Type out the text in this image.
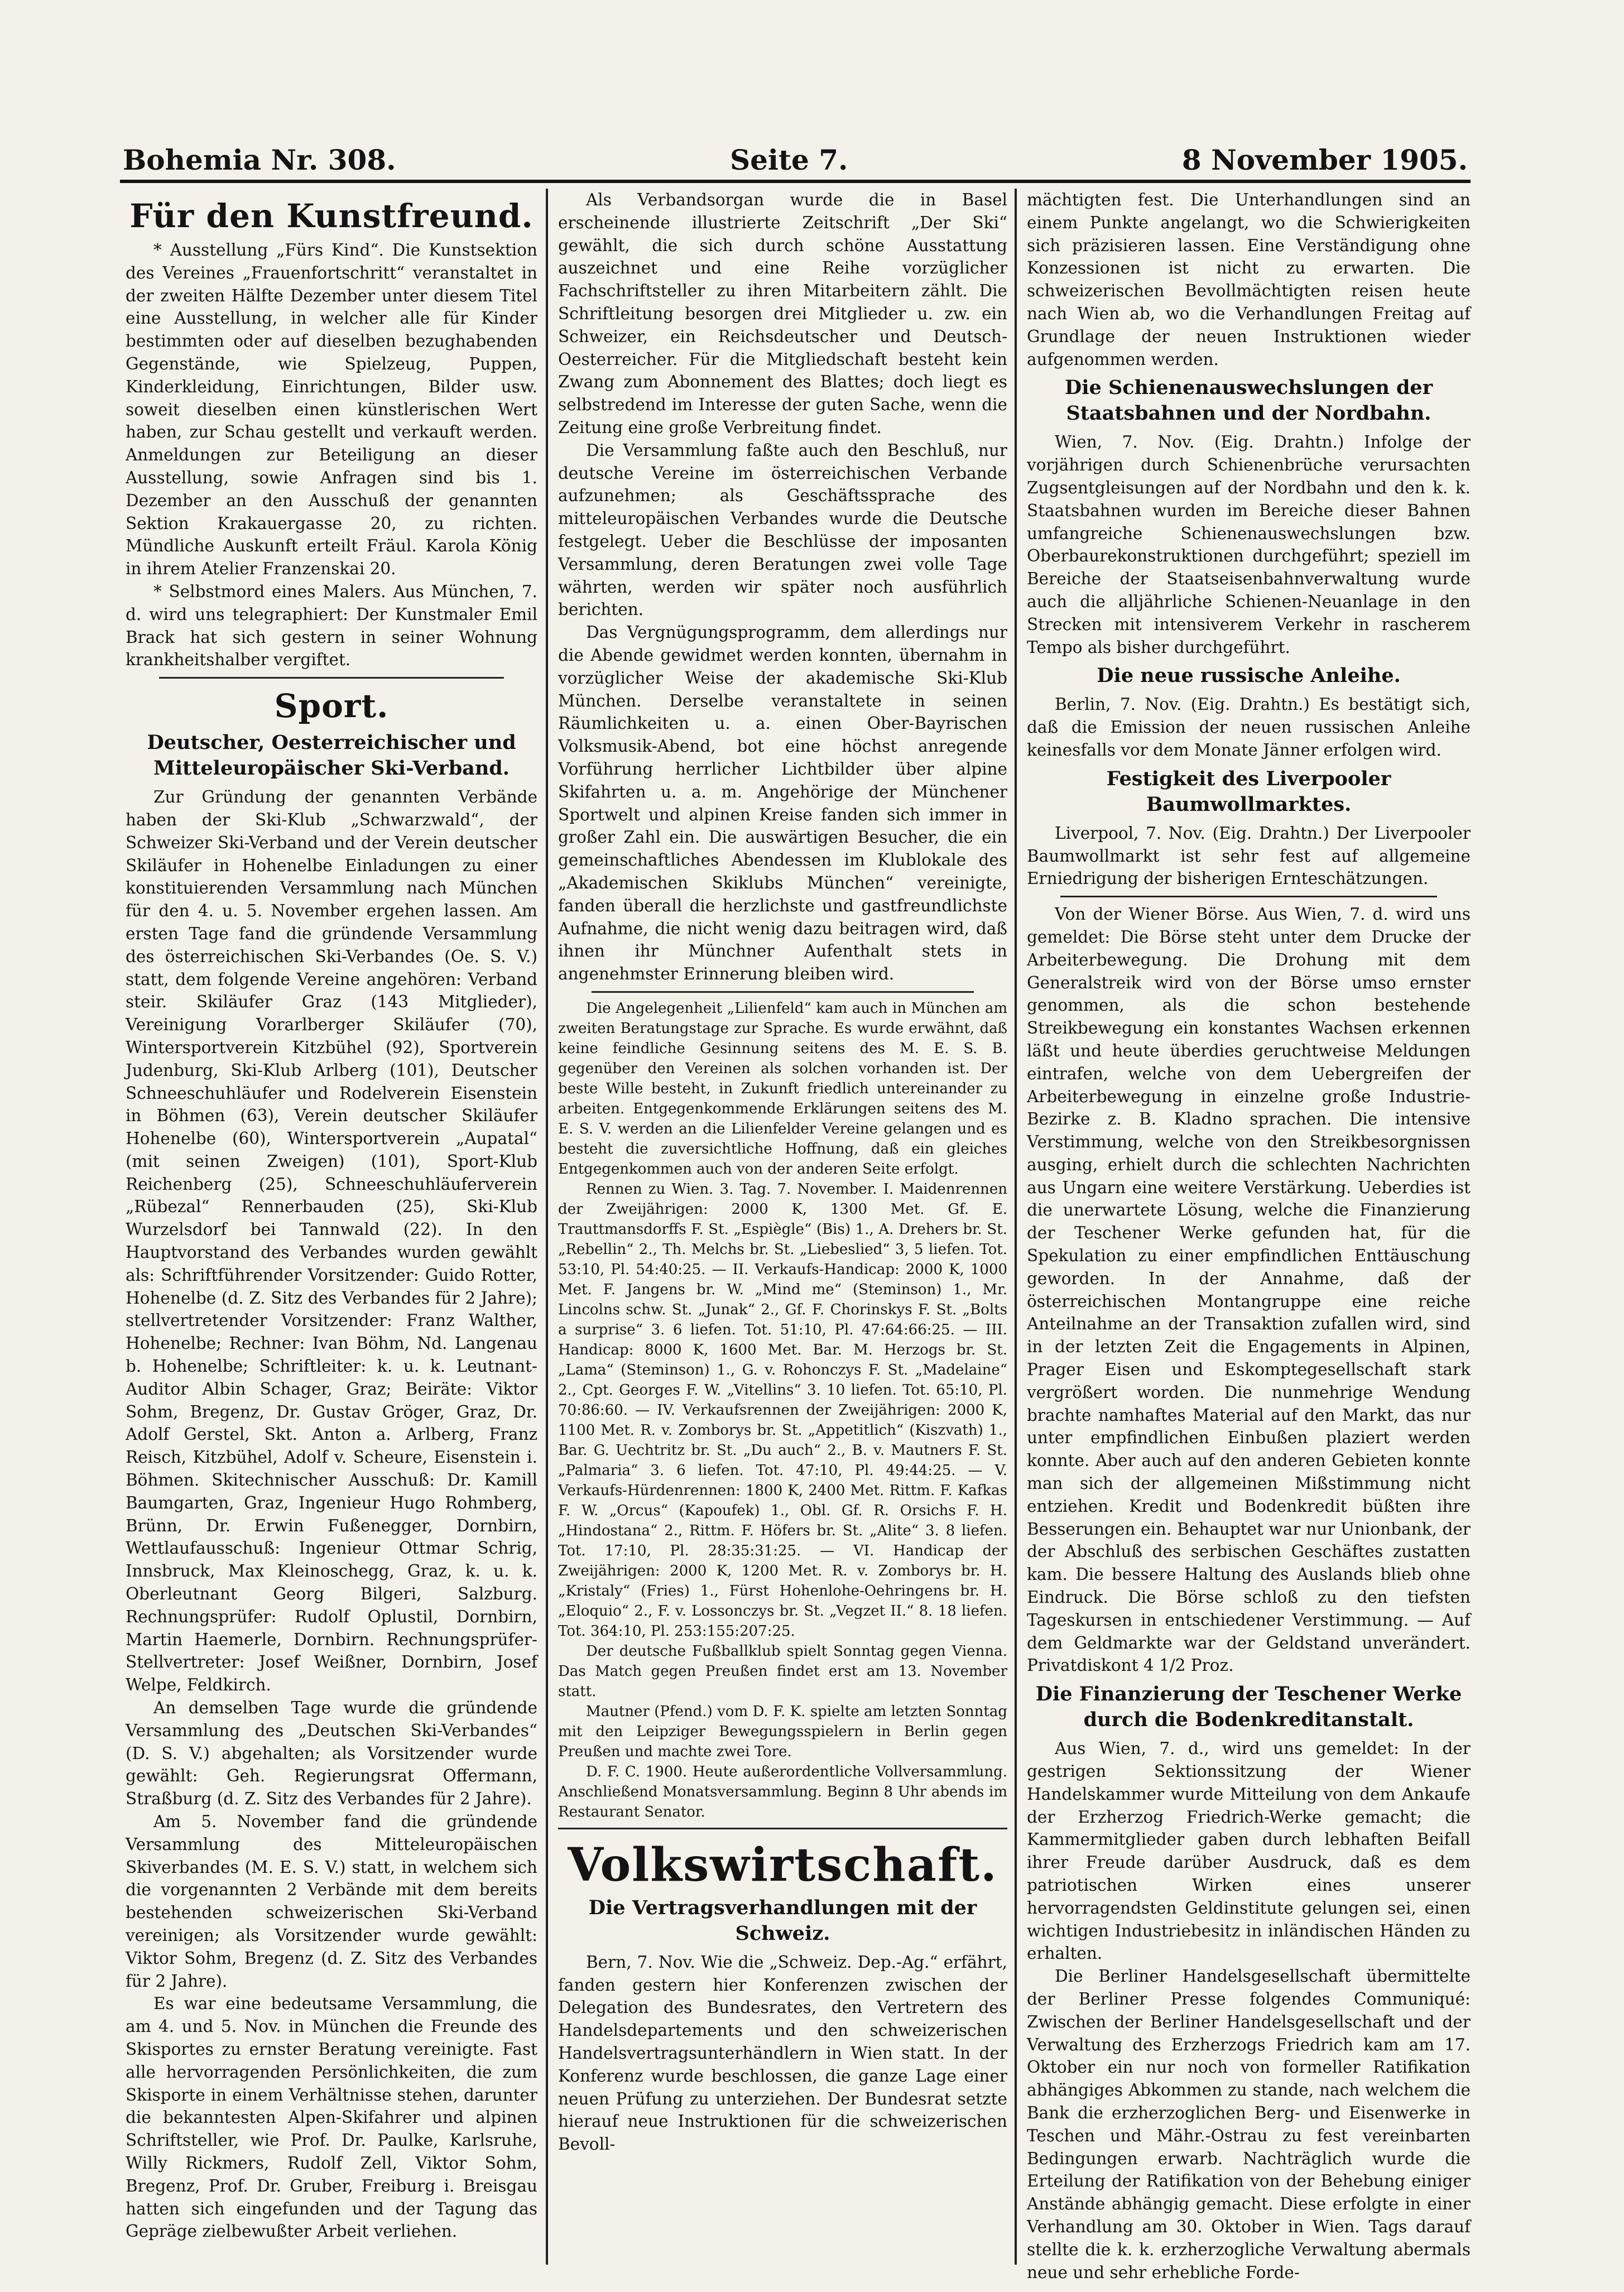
Bohemia Nr. 308.	Seite 7.	8 November 1905.
Für den Kunstfreund.

* Ausstellung „Fürs Kind“. Die Kunstsektion des Vereines „Frauenfortschritt“ veranstaltet in der zweiten Hälfte Dezember unter diesem Titel eine Ausstellung, in welcher alle für Kinder bestimmten oder auf dieselben bezughabenden Gegenstände, wie Spielzeug, Puppen, Kinderkleidung, Einrichtungen, Bilder usw. soweit dieselben einen künstlerischen Wert haben, zur Schau gestellt und verkauft werden. Anmeldungen zur Beteiligung an dieser Ausstellung, sowie Anfragen sind bis 1. Dezember an den Ausschuß der genannten Sektion Krakauergasse 20, zu richten. Mündliche Auskunft erteilt Fräul. Karola König in ihrem Atelier Franzenskai 20.

* Selbstmord eines Malers. Aus München, 7. d. wird uns telegraphiert: Der Kunstmaler Emil Brack hat sich gestern in seiner Wohnung krankheitshalber vergiftet.

Sport.
Deutscher, Oesterreichischer und Mitteleuropäischer Ski-Verband.

Zur Gründung der genannten Verbände haben der Ski-Klub „Schwarzwald“, der Schweizer Ski-Verband und der Verein deutscher Skiläufer in Hohenelbe Einladungen zu einer konstituierenden Versammlung nach München für den 4. u. 5. November ergehen lassen. Am ersten Tage fand die gründende Versammlung des österreichischen Ski-Verbandes (Oe. S. V.) statt, dem folgende Vereine angehören: Verband steir. Skiläufer Graz (143 Mitglieder), Vereinigung Vorarlberger Skiläufer (70), Wintersportverein Kitzbühel (92), Sportverein Judenburg, Ski-Klub Arlberg (101), Deutscher Schneeschuhläufer und Rodelverein Eisenstein in Böhmen (63), Verein deutscher Skiläufer Hohenelbe (60), Wintersportverein „Aupatal“ (mit seinen Zweigen) (101), Sport-Klub Reichenberg (25), Schneeschuhläuferverein „Rübezal“ Rennerbauden (25), Ski-Klub Wurzelsdorf bei Tannwald (22). In den Hauptvorstand des Verbandes wurden gewählt als: Schriftführender Vorsitzender: Guido Rotter, Hohenelbe (d. Z. Sitz des Verbandes für 2 Jahre); stellvertretender Vorsitzender: Franz Walther, Hohenelbe; Rechner: Ivan Böhm, Nd. Langenau b. Hohenelbe; Schriftleiter: k. u. k. Leutnant-Auditor Albin Schager, Graz; Beiräte: Viktor Sohm, Bregenz, Dr. Gustav Gröger, Graz, Dr. Adolf Gerstel, Skt. Anton a. Arlberg, Franz Reisch, Kitzbühel, Adolf v. Scheure, Eisenstein i. Böhmen. Skitechnischer Ausschuß: Dr. Kamill Baumgarten, Graz, Ingenieur Hugo Rohmberg, Brünn, Dr. Erwin Fußenegger, Dornbirn, Wettlaufausschuß: Ingenieur Ottmar Schrig, Innsbruck, Max Kleinoschegg, Graz, k. u. k. Oberleutnant Georg Bilgeri, Salzburg. Rechnungsprüfer: Rudolf Oplustil, Dornbirn, Martin Haemerle, Dornbirn. Rechnungsprüfer-Stellvertreter: Josef Weißner, Dornbirn, Josef Welpe, Feldkirch.

An demselben Tage wurde die gründende Versammlung des „Deutschen Ski-Verbandes“ (D. S. V.) abgehalten; als Vorsitzender wurde gewählt: Geh. Regierungsrat Offermann, Straßburg (d. Z. Sitz des Verbandes für 2 Jahre).

Am 5. November fand die gründende Versammlung des Mitteleuropäischen Skiverbandes (M. E. S. V.) statt, in welchem sich die vorgenannten 2 Verbände mit dem bereits bestehenden schweizerischen Ski-Verband vereinigen; als Vorsitzender wurde gewählt: Viktor Sohm, Bregenz (d. Z. Sitz des Verbandes für 2 Jahre).

Es war eine bedeutsame Versammlung, die am 4. und 5. Nov. in München die Freunde des Skisportes zu ernster Beratung vereinigte. Fast alle hervorragenden Persönlichkeiten, die zum Skisporte in einem Verhältnisse stehen, darunter die bekanntesten Alpen-Skifahrer und alpinen Schriftsteller, wie Prof. Dr. Paulke, Karlsruhe, Willy Rickmers, Rudolf Zell, Viktor Sohm, Bregenz, Prof. Dr. Gruber, Freiburg i. Breisgau hatten sich eingefunden und der Tagung das Gepräge zielbewußter Arbeit verliehen.

Als Verbandsorgan wurde die in Basel erscheinende illustrierte Zeitschrift „Der Ski“ gewählt, die sich durch schöne Ausstattung auszeichnet und eine Reihe vorzüglicher Fachschriftsteller zu ihren Mitarbeitern zählt. Die Schriftleitung besorgen drei Mitglieder u. zw. ein Schweizer, ein Reichsdeutscher und Deutsch-Oesterreicher. Für die Mitgliedschaft besteht kein Zwang zum Abonnement des Blattes; doch liegt es selbstredend im Interesse der guten Sache, wenn die Zeitung eine große Verbreitung findet.

Die Versammlung faßte auch den Beschluß, nur deutsche Vereine im österreichischen Verbande aufzunehmen; als Geschäftssprache des mitteleuropäischen Verbandes wurde die Deutsche festgelegt. Ueber die Beschlüsse der imposanten Versammlung, deren Beratungen zwei volle Tage währten, werden wir später noch ausführlich berichten.

Das Vergnügungsprogramm, dem allerdings nur die Abende gewidmet werden konnten, übernahm in vorzüglicher Weise der akademische Ski-Klub München. Derselbe veranstaltete in seinen Räumlichkeiten u. a. einen Ober-Bayrischen Volksmusik-Abend, bot eine höchst anregende Vorführung herrlicher Lichtbilder über alpine Skifahrten u. a. m. Angehörige der Münchener Sportwelt und alpinen Kreise fanden sich immer in großer Zahl ein. Die auswärtigen Besucher, die ein gemeinschaftliches Abendessen im Klublokale des „Akademischen Skiklubs München“ vereinigte, fanden überall die herzlichste und gastfreundlichste Aufnahme, die nicht wenig dazu beitragen wird, daß ihnen ihr Münchner Aufenthalt stets in angenehmster Erinnerung bleiben wird.

Die Angelegenheit „Lilienfeld“ kam auch in München am zweiten Beratungstage zur Sprache. Es wurde erwähnt, daß keine feindliche Gesinnung seitens des M. E. S. B. gegenüber den Vereinen als solchen vorhanden ist. Der beste Wille besteht, in Zukunft friedlich untereinander zu arbeiten. Entgegenkommende Erklärungen seitens des M. E. S. V. werden an die Lilienfelder Vereine gelangen und es besteht die zuversichtliche Hoffnung, daß ein gleiches Entgegenkommen auch von der anderen Seite erfolgt.

Rennen zu Wien. 3. Tag. 7. November. I. Maidenrennen der Zweijährigen: 2000 K, 1300 Met. Gf. E. Trauttmansdorffs F. St. „Espiègle“ (Bis) 1., A. Drehers br. St. „Rebellin“ 2., Th. Melchs br. St. „Liebeslied“ 3, 5 liefen. Tot. 53:10, Pl. 54:40:25. — II. Verkaufs-Handicap: 2000 K, 1000 Met. F. Jangens br. W. „Mind me“ (Steminson) 1., Mr. Lincolns schw. St. „Junak“ 2., Gf. F. Chorinskys F. St. „Bolts a surprise“ 3. 6 liefen. Tot. 51:10, Pl. 47:64:66:25. — III. Handicap: 8000 K, 1600 Met. Bar. M. Herzogs br. St. „Lama“ (Steminson) 1., G. v. Rohonczys F. St. „Madelaine“ 2., Cpt. Georges F. W. „Vitellins“ 3. 10 liefen. Tot. 65:10, Pl. 70:86:60. — IV. Verkaufsrennen der Zweijährigen: 2000 K, 1100 Met. R. v. Zomborys br. St. „Appetitlich“ (Kiszvath) 1., Bar. G. Uechtritz br. St. „Du auch“ 2., B. v. Mautners F. St. „Palmaria“ 3. 6 liefen. Tot. 47:10, Pl. 49:44:25. — V. Verkaufs-Hürdenrennen: 1800 K, 2400 Met. Rittm. F. Kafkas F. W. „Orcus“ (Kapoufek) 1., Obl. Gf. R. Orsichs F. H. „Hindostana“ 2., Rittm. F. Höfers br. St. „Alite“ 3. 8 liefen. Tot. 17:10, Pl. 28:35:31:25. — VI. Handicap der Zweijährigen: 2000 K, 1200 Met. R. v. Zomborys br. H. „Kristaly“ (Fries) 1., Fürst Hohenlohe-Oehringens br. H. „Eloquio“ 2., F. v. Lossonczys br. St. „Vegzet II.“ 8. 18 liefen. Tot. 364:10, Pl. 253:155:207:25.

Der deutsche Fußballklub spielt Sonntag gegen Vienna. Das Match gegen Preußen findet erst am 13. November statt.

Mautner (Pfend.) vom D. F. K. spielte am letzten Sonntag mit den Leipziger Bewegungsspielern in Berlin gegen Preußen und machte zwei Tore.

D. F. C. 1900. Heute außerordentliche Vollversammlung. Anschließend Monatsversammlung. Beginn 8 Uhr abends im Restaurant Senator.

Volkswirtschaft.
Die Vertragsverhandlungen mit der Schweiz.

Bern, 7. Nov. Wie die „Schweiz. Dep.-Ag.“ erfährt, fanden gestern hier Konferenzen zwischen der Delegation des Bundesrates, den Vertretern des Handelsdepartements und den schweizerischen Handelsvertragsunterhändlern in Wien statt. In der Konferenz wurde beschlossen, die ganze Lage einer neuen Prüfung zu unterziehen. Der Bundesrat setzte hierauf neue Instruktionen für die schweizerischen Bevoll-

mächtigten fest. Die Unterhandlungen sind an einem Punkte angelangt, wo die Schwierigkeiten sich präzisieren lassen. Eine Verständigung ohne Konzessionen ist nicht zu erwarten. Die schweizerischen Bevollmächtigten reisen heute nach Wien ab, wo die Verhandlungen Freitag auf Grundlage der neuen Instruktionen wieder aufgenommen werden.

Die Schienenauswechslungen der Staatsbahnen und der Nordbahn.

Wien, 7. Nov. (Eig. Drahtn.) Infolge der vorjährigen durch Schienenbrüche verursachten Zugsentgleisungen auf der Nordbahn und den k. k. Staatsbahnen wurden im Bereiche dieser Bahnen umfangreiche Schienenauswechslungen bzw. Oberbaurekonstruktionen durchgeführt; speziell im Bereiche der Staatseisenbahnverwaltung wurde auch die alljährliche Schienen-Neuanlage in den Strecken mit intensiverem Verkehr in rascherem Tempo als bisher durchgeführt.

Die neue russische Anleihe.

Berlin, 7. Nov. (Eig. Drahtn.) Es bestätigt sich, daß die Emission der neuen russischen Anleihe keinesfalls vor dem Monate Jänner erfolgen wird.

Festigkeit des Liverpooler Baumwollmarktes.

Liverpool, 7. Nov. (Eig. Drahtn.) Der Liverpooler Baumwollmarkt ist sehr fest auf allgemeine Erniedrigung der bisherigen Ernteschätzungen.

Von der Wiener Börse. Aus Wien, 7. d. wird uns gemeldet: Die Börse steht unter dem Drucke der Arbeiterbewegung. Die Drohung mit dem Generalstreik wird von der Börse umso ernster genommen, als die schon bestehende Streikbewegung ein konstantes Wachsen erkennen läßt und heute überdies geruchtweise Meldungen eintrafen, welche von dem Uebergreifen der Arbeiterbewegung in einzelne große Industrie-Bezirke z. B. Kladno sprachen. Die intensive Verstimmung, welche von den Streikbesorgnissen ausging, erhielt durch die schlechten Nachrichten aus Ungarn eine weitere Verstärkung. Ueberdies ist die unerwartete Lösung, welche die Finanzierung der Teschener Werke gefunden hat, für die Spekulation zu einer empfindlichen Enttäuschung geworden. In der Annahme, daß der österreichischen Montangruppe eine reiche Anteilnahme an der Transaktion zufallen wird, sind in der letzten Zeit die Engagements in Alpinen, Prager Eisen und Eskomptegesellschaft stark vergrößert worden. Die nunmehrige Wendung brachte namhaftes Material auf den Markt, das nur unter empfindlichen Einbußen plaziert werden konnte. Aber auch auf den anderen Gebieten konnte man sich der allgemeinen Mißstimmung nicht entziehen. Kredit und Bodenkredit büßten ihre Besserungen ein. Behauptet war nur Unionbank, der der Abschluß des serbischen Geschäftes zustatten kam. Die bessere Haltung des Auslands blieb ohne Eindruck. Die Börse schloß zu den tiefsten Tageskursen in entschiedener Verstimmung. — Auf dem Geldmarkte war der Geldstand unverändert. Privatdiskont 4 1/2 Proz.

Die Finanzierung der Teschener Werke durch die Bodenkreditanstalt.

Aus Wien, 7. d., wird uns gemeldet: In der gestrigen Sektionssitzung der Wiener Handelskammer wurde Mitteilung von dem Ankaufe der Erzherzog Friedrich-Werke gemacht; die Kammermitglieder gaben durch lebhaften Beifall ihrer Freude darüber Ausdruck, daß es dem patriotischen Wirken eines unserer hervorragendsten Geldinstitute gelungen sei, einen wichtigen Industriebesitz in inländischen Händen zu erhalten.

Die Berliner Handelsgesellschaft übermittelte der Berliner Presse folgendes Communiqué: Zwischen der Berliner Handelsgesellschaft und der Verwaltung des Erzherzogs Friedrich kam am 17. Oktober ein nur noch von formeller Ratifikation abhängiges Abkommen zu stande, nach welchem die Bank die erzherzoglichen Berg- und Eisenwerke in Teschen und Mähr.-Ostrau zu fest vereinbarten Bedingungen erwarb. Nachträglich wurde die Erteilung der Ratifikation von der Behebung einiger Anstände abhängig gemacht. Diese erfolgte in einer Verhandlung am 30. Oktober in Wien. Tags darauf stellte die k. k. erzherzogliche Verwaltung abermals neue und sehr erhebliche Forde-
